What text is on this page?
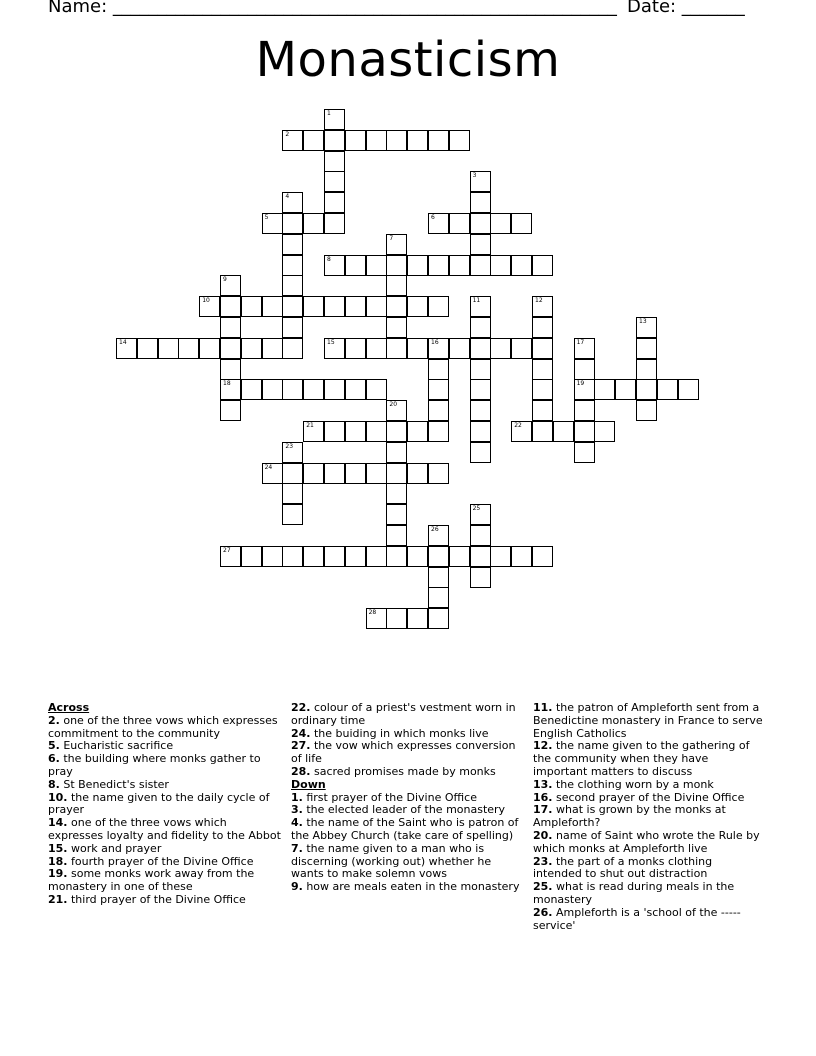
Name: ________________________________________________________ Date: _______
Monasticism
1
2
3
4
5	6
7
8
9
18
10	11	12
13
14	15	16	17
19
20
21	22
23
24
25
26
27
28
Across
2. one of the three vows which expresses commitment to the community
5. Eucharistic sacrifice
6. the building where monks gather to pray
8. St Benedict's sister
10. the name given to the daily cycle of prayer
14. one of the three vows which expresses loyalty and fidelity to the Abbot
15. work and prayer
18. fourth prayer of the Divine Office
19. some monks work away from the monastery in one of these
21. third prayer of the Divine Office
22. colour of a priest's vestment worn in ordinary time
24. the buiding in which monks live
27. the vow which expresses conversion of life
28. sacred promises made by monks
Down
1. first prayer of the Divine Office
3. the elected leader of the monastery
4. the name of the Saint who is patron of the Abbey Church (take care of spelling)
7. the name given to a man who is discerning (working out) whether he wants to make solemn vows
9. how are meals eaten in the monastery
11. the patron of Ampleforth sent from a Benedictine monastery in France to serve English Catholics
12. the name given to the gathering of the community when they have important matters to discuss
13. the clothing worn by a monk
16. second prayer of the Divine Office
17. what is grown by the monks at Ampleforth?
20. name of Saint who wrote the Rule by which monks at Ampleforth live
23. the part of a monks clothing intended to shut out distraction
25. what is read during meals in the monastery
26. Ampleforth is a 'school of the ----- service'
